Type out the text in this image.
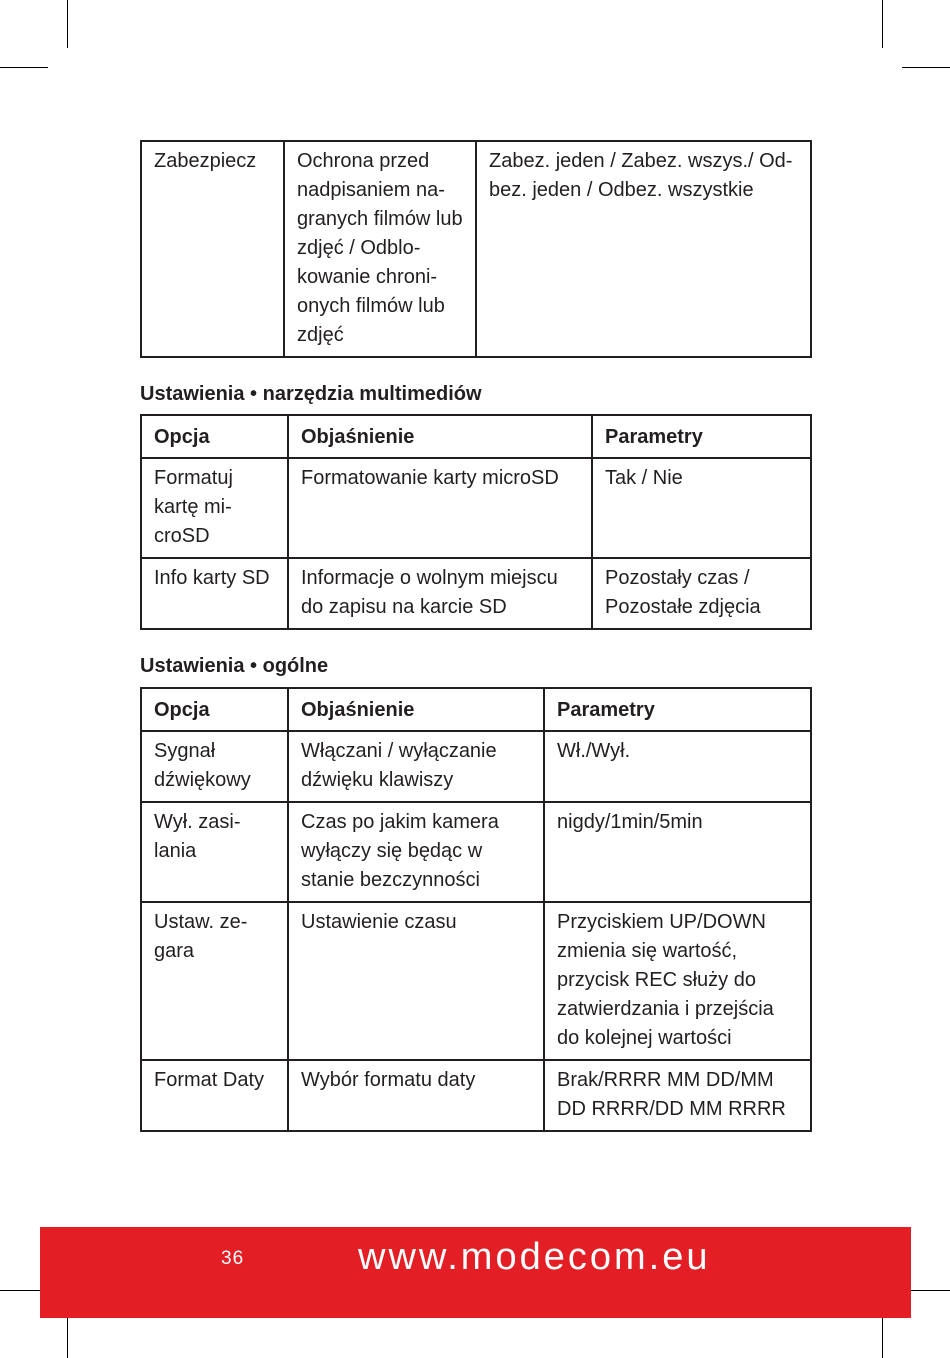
Zabezpiecz	Ochrona przed nadpisaniem nagranych filmów lub zdjęć / Odblokowanie chronionych filmów lub zdjęć	Zabez. jeden / Zabez. wszys./ Odbez. jeden / Odbez. wszystkie

Ustawienia • narzędzia multimediów

Opcja	Objaśnienie	Parametry
Formatuj kartę microSD	Formatowanie karty microSD	Tak / Nie
Info karty SD	Informacje o wolnym miejscu do zapisu na karcie SD	Pozostały czas / Pozostałe zdjęcia

Ustawienia • ogólne

Opcja	Objaśnienie	Parametry
Sygnał dźwiękowy	Włączani / wyłączanie dźwięku klawiszy	Wł./Wył.
Wył. zasilania	Czas po jakim kamera wyłączy się będąc w stanie bezczynności	nigdy/1min/5min
Ustaw. zegara	Ustawienie czasu	Przyciskiem UP/DOWN zmienia się wartość, przycisk REC służy do zatwierdzania i przejścia do kolejnej wartości
Format Daty	Wybór formatu daty	Brak/RRRR MM DD/MM DD RRRR/DD MM RRRR
36	www.modecom.eu
